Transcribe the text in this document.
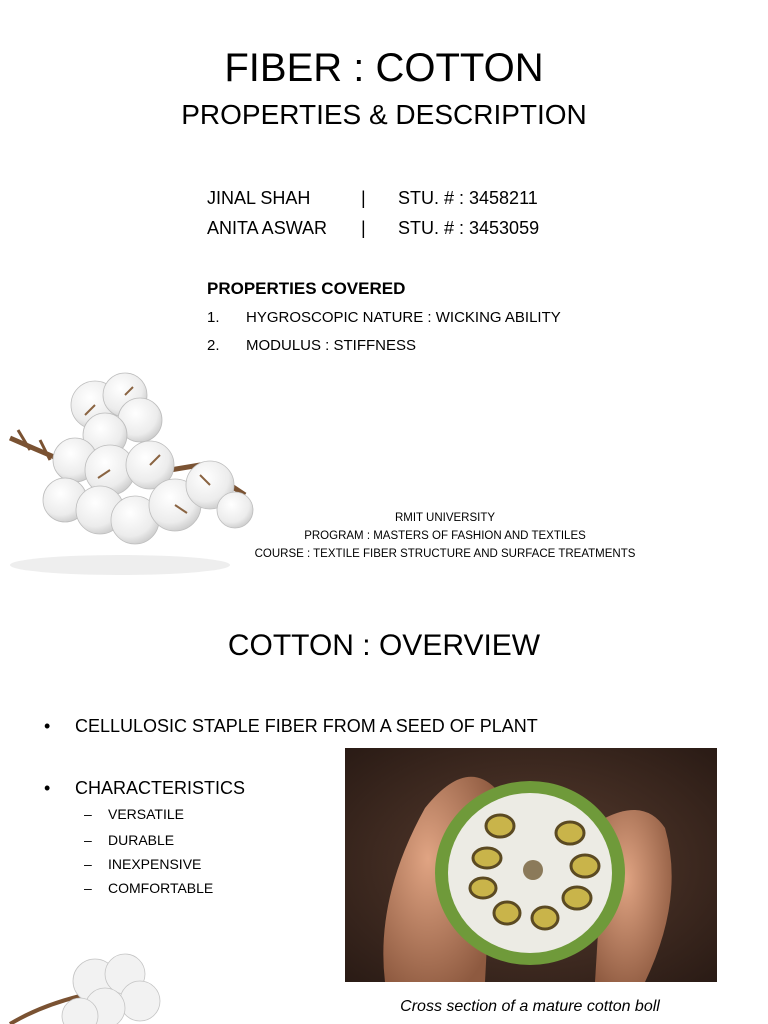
FIBER : COTTON
PROPERTIES & DESCRIPTION
JINAL SHAH	| STU. # : 3458211
ANITA ASWAR | STU. # : 3453059
PROPERTIES COVERED
1. HYGROSCOPIC NATURE : WICKING ABILITY
2. MODULUS : STIFFNESS
RMIT UNIVERSITY
PROGRAM : MASTERS OF FASHION AND TEXTILES
COURSE : TEXTILE FIBER STRUCTURE AND SURFACE TREATMENTS
COTTON : OVERVIEW
• CELLULOSIC STAPLE FIBER FROM A SEED OF PLANT
• CHARACTERISTICS
– VERSATILE
– DURABLE
– INEXPENSIVE
– COMFORTABLE
Cross section of a mature cotton boll
